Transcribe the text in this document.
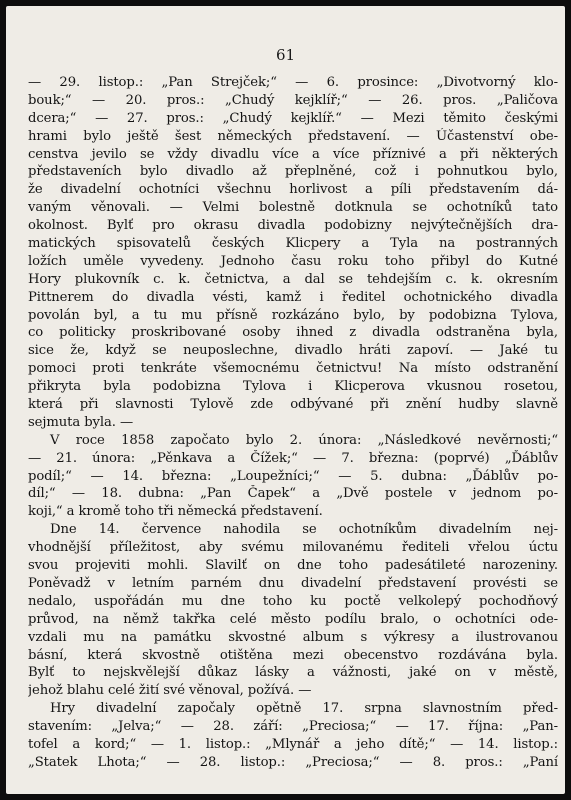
61
— 29. listop.: „Pan Strejček;“ — 6. prosince: „Divotvorný klo-
bouk;“ — 20. pros.: „Chudý kejklíř;“ — 26. pros. „Paličova
dcera;“ — 27. pros.: „Chudý kejklíř.“ — Mezi těmito českými
hrami bylo ještě šest německých představení. — Účastenství obe-
censtva jevilo se vždy divadlu více a více příznivé a při některých
představeních bylo divadlo až přeplněné, což i pohnutkou bylo,
že divadelní ochotníci všechnu horlivost a píli představením dá-
vaným věnovali. — Velmi bolestně dotknula se ochotníků tato
okolnost. Bylť pro okrasu divadla podobizny nejvýtečnějších dra-
matických spisovatelů českých Klicpery a Tyla na postranných
ložích uměle vyvedeny. Jednoho času roku toho přibyl do Kutné
Hory plukovník c. k. četnictva, a dal se tehdejším c. k. okresním
Pittnerem do divadla vésti, kamž i ředitel ochotnického divadla
povolán byl, a tu mu přísně rozkázáno bylo, by podobizna Tylova,
co politicky proskribované osoby ihned z divadla odstraněna byla,
sice že, když se neuposlechne, divadlo hráti zapoví. — Jaké tu
pomoci proti tenkráte všemocnému četnictvu! Na místo odstranění
přikryta byla podobizna Tylova i Klicperova vkusnou rosetou,
která při slavnosti Tylově zde odbývané při znění hudby slavně
sejmuta byla. —
V roce 1858 započato bylo 2. února: „Následkové nevěrnosti;“
— 21. února: „Pěnkava a Čížek;“ — 7. března: (poprvé) „Ďáblův
podíl;“ — 14. března: „Loupežníci;“ — 5. dubna: „Ďáblův po-
díl;“ — 18. dubna: „Pan Čapek“ a „Dvě postele v jednom po-
koji,“ a kromě toho tři německá představení.
Dne 14. července nahodila se ochotníkům divadelním nej-
vhodnější příležitost, aby svému milovanému řediteli vřelou úctu
svou projeviti mohli. Slavilť on dne toho padesátileté narozeniny.
Poněvadž v letním parném dnu divadelní představení provésti se
nedalo, uspořádán mu dne toho ku poctě velkolepý pochodňový
průvod, na němž takřka celé město podílu bralo, o ochotníci ode-
vzdali mu na památku skvostné album s výkresy a ilustrovanou
básní, která skvostně otištěna mezi obecenstvo rozdávána byla.
Bylť to nejskvělejší důkaz lásky a vážnosti, jaké on v městě,
jehož blahu celé žití své věnoval, požívá. —
Hry divadelní započaly opětně 17. srpna slavnostním před-
stavením: „Jelva;“ — 28. září: „Preciosa;“ — 17. října: „Pan-
tofel a kord;“ — 1. listop.: „Mlynář a jeho dítě;“ — 14. listop.:
„Statek Lhota;“ — 28. listop.: „Preciosa;“ — 8. pros.: „Paní
